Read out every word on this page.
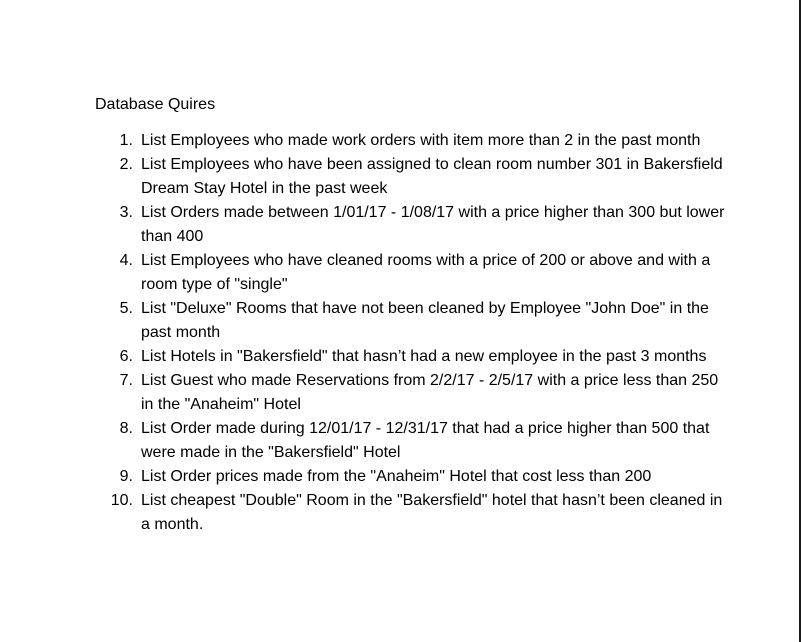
Database Quires
1. List Employees who made work orders with item more than 2 in the past month
2. List Employees who have been assigned to clean room number 301 in Bakersfield Dream Stay Hotel in the past week
3. List Orders made between 1/01/17 - 1/08/17 with a price higher than 300 but lower than 400
4. List Employees who have cleaned rooms with a price of 200 or above and with a room type of "single"
5. List "Deluxe" Rooms that have not been cleaned by Employee "John Doe" in the past month
6. List Hotels in "Bakersfield" that hasn’t had a new employee in the past 3 months
7. List Guest who made Reservations from 2/2/17 - 2/5/17 with a price less than 250 in the "Anaheim" Hotel
8. List Order made during 12/01/17 - 12/31/17 that had a price higher than 500 that were made in the "Bakersfield" Hotel
9. List Order prices made from the "Anaheim" Hotel that cost less than 200
10. List cheapest "Double" Room in the "Bakersfield" hotel that hasn’t been cleaned in a month.
